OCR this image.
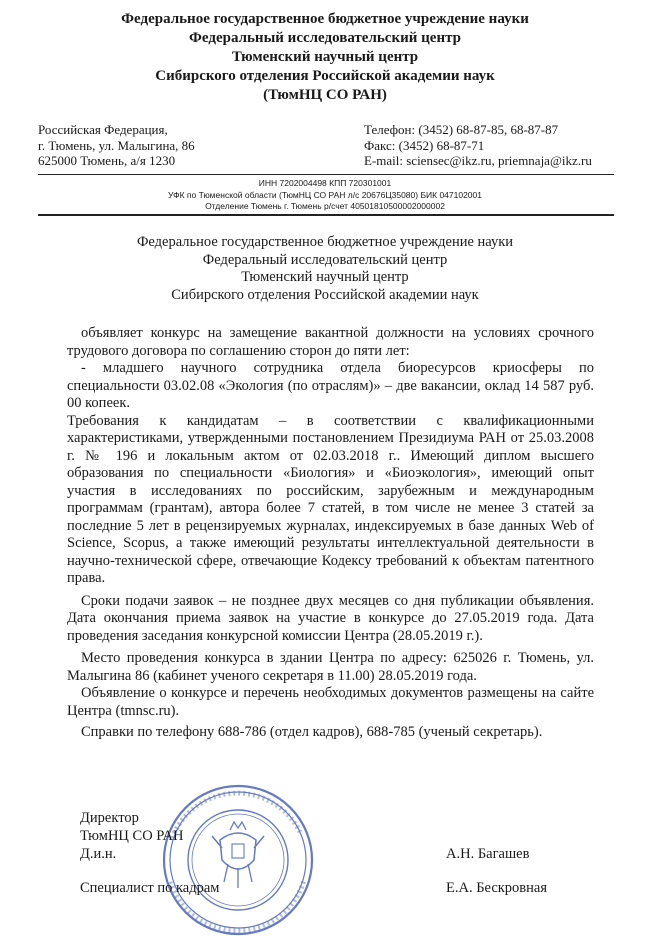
Федеральное государственное бюджетное учреждение науки
Федеральный исследовательский центр
Тюменский научный центр
Сибирского отделения Российской академии наук
(ТюмНЦ СО РАН)
Российская Федерация,
г. Тюмень, ул. Малыгина, 86
625000 Тюмень, а/я 1230
Телефон: (3452) 68-87-85, 68-87-87
Факс: (3452) 68-87-71
E-mail: sciensec@ikz.ru, priemnaja@ikz.ru
ИНН 7202004498 КПП 720301001
УФК по Тюменской области (ТюмНЦ СО РАН л/с 20676Ц35080) БИК 047102001
Отделение Тюмень г. Тюмень р/счет 40501810500002000002
Федеральное государственное бюджетное учреждение науки
Федеральный исследовательский центр
Тюменский научный центр
Сибирского отделения Российской академии наук

объявляет конкурс на замещение вакантной должности на условиях срочного трудового договора по соглашению сторон до пяти лет:

- младшего научного сотрудника отдела биоресурсов криосферы по специальности 03.02.08 «Экология (по отраслям)» – две вакансии, оклад 14 587 руб. 00 копеек.

Требования к кандидатам – в соответствии с квалификационными характеристиками, утвержденными постановлением Президиума РАН от 25.03.2008 г. № 196 и локальным актом от 02.03.2018 г.. Имеющий диплом высшего образования по специальности «Биология» и «Биоэкология», имеющий опыт участия в исследованиях по российским, зарубежным и международным программам (грантам), автора более 7 статей, в том числе не менее 3 статей за последние 5 лет в рецензируемых журналах, индексируемых в базе данных Web of Science, Scopus, а также имеющий результаты интеллектуальной деятельности в научно-технической сфере, отвечающие Кодексу требований к объектам патентного права.

Сроки подачи заявок – не позднее двух месяцев со дня публикации объявления. Дата окончания приема заявок на участие в конкурсе до 27.05.2019 года. Дата проведения заседания конкурсной комиссии Центра (28.05.2019 г.).

Место проведения конкурса в здании Центра по адресу: 625026 г. Тюмень, ул. Малыгина 86 (кабинет ученого секретаря в 11.00) 28.05.2019 года.

Объявление о конкурсе и перечень необходимых документов размещены на сайте Центра (tmnsc.ru).

Справки по телефону 688-786 (отдел кадров), 688-785 (ученый секретарь).

Директор
ТюмНЦ СО РАН
Д.и.н.	А.Н. Багашев
Специалист по кадрам	Е.А. Бескровная
